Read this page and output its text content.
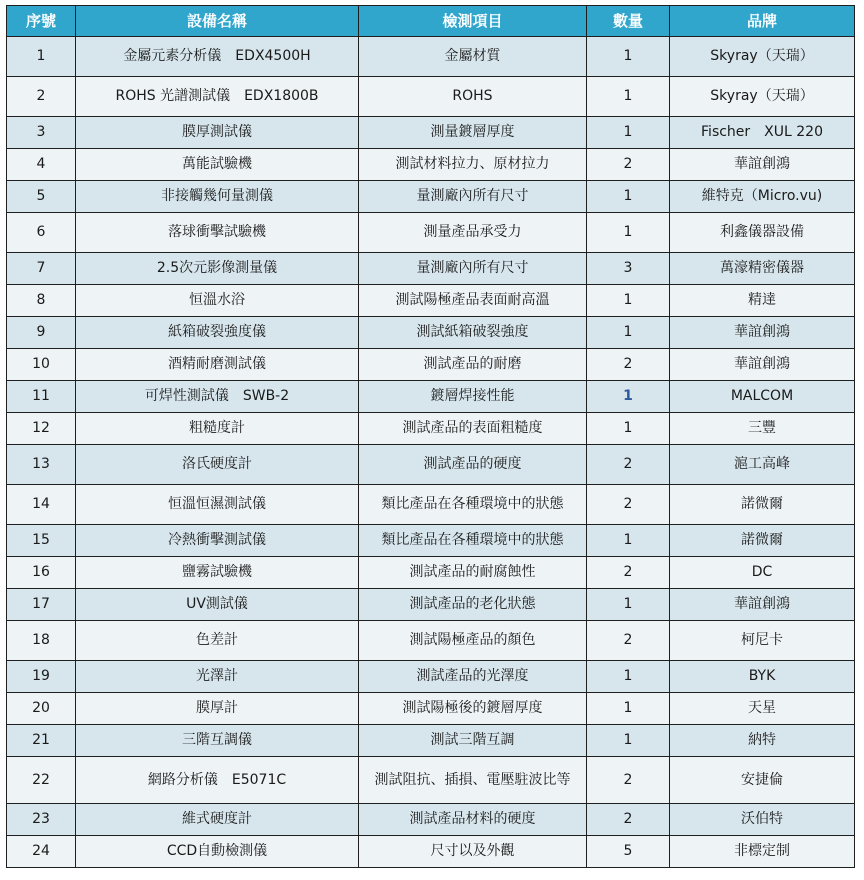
序號	設備名稱	檢測項目	數量	品牌
1	金屬元素分析儀　EDX4500H	金屬材質	1	Skyray（天瑞）
2	ROHS 光譜測試儀　EDX1800B	ROHS	1	Skyray（天瑞）
3	膜厚測試儀	測量鍍層厚度	1	Fischer　XUL 220
4	萬能試驗機	測試材料拉力、原材拉力	2	華誼創鴻
5	非接觸幾何量測儀	量測廠內所有尺寸	1	維特克（Micro.vu)
6	落球衝擊試驗機	測量產品承受力	1	利鑫儀器設備
7	2.5次元影像測量儀	量測廠內所有尺寸	3	萬濠精密儀器
8	恒溫水浴	測試陽極產品表面耐高溫	1	精達
9	紙箱破裂強度儀	測試紙箱破裂強度	1	華誼創鴻
10	酒精耐磨測試儀	測試產品的耐磨	2	華誼創鴻
11	可焊性測試儀　SWB-2	鍍層焊接性能	1	MALCOM
12	粗糙度計	測試產品的表面粗糙度	1	三豐
13	洛氏硬度計	測試產品的硬度	2	滬工高峰
14	恒溫恒濕測試儀	類比產品在各種環境中的狀態	2	諾微爾
15	冷熱衝擊測試儀	類比產品在各種環境中的狀態	1	諾微爾
16	鹽霧試驗機	測試產品的耐腐蝕性	2	DC
17	UV測試儀	測試產品的老化狀態	1	華誼創鴻
18	色差計	測試陽極產品的顏色	2	柯尼卡
19	光澤計	測試產品的光澤度	1	BYK
20	膜厚計	測試陽極後的鍍層厚度	1	天星
21	三階互調儀	測試三階互調	1	納特
22	網路分析儀　E5071C	測試阻抗、插損、電壓駐波比等	2	安捷倫
23	維式硬度計	測試產品材料的硬度	2	沃伯特
24	CCD自動檢測儀	尺寸以及外觀	5	非標定制
